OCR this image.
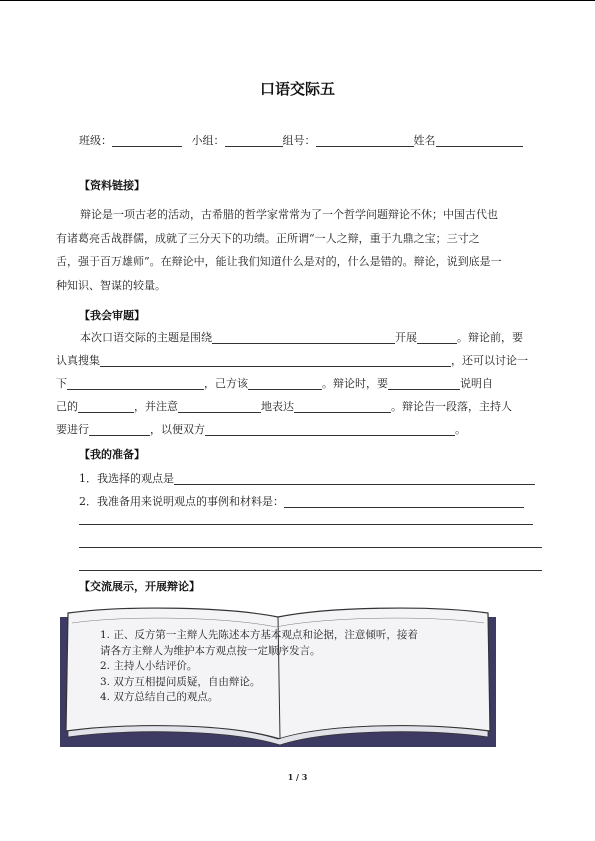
口语交际五
班级：	小组：	组号：	姓名
【资料链接】
辩论是一项古老的活动，古希腊的哲学家常常为了一个哲学问题辩论不休；中国古代也
有诸葛亮舌战群儒，成就了三分天下的功绩。正所谓“一人之辩，重于九鼎之宝；三寸之
舌，强于百万雄师”。在辩论中，能让我们知道什么是对的，什么是错的。辩论，说到底是一
种知识、智谋的较量。
【我会审题】
本次口语交际的主题是围绕	开展	。辩论前，要
认真搜集	，还可以讨论一
下	，己方该	。辩论时，要	说明自
己的	，并注意	地表达	。辩论告一段落，主持人
要进行	，以便双方	。
【我的准备】
1．我选择的观点是
2．我准备用来说明观点的事例和材料是：
【交流展示，开展辩论】
1. 正、反方第一主辩人先陈述本方基本观点和论据，注意倾听，接着
请各方主辩人为维护本方观点按一定顺序发言。
2. 主持人小结评价。
3. 双方互相提问质疑，自由辩论。
4. 双方总结自己的观点。
1 / 3
